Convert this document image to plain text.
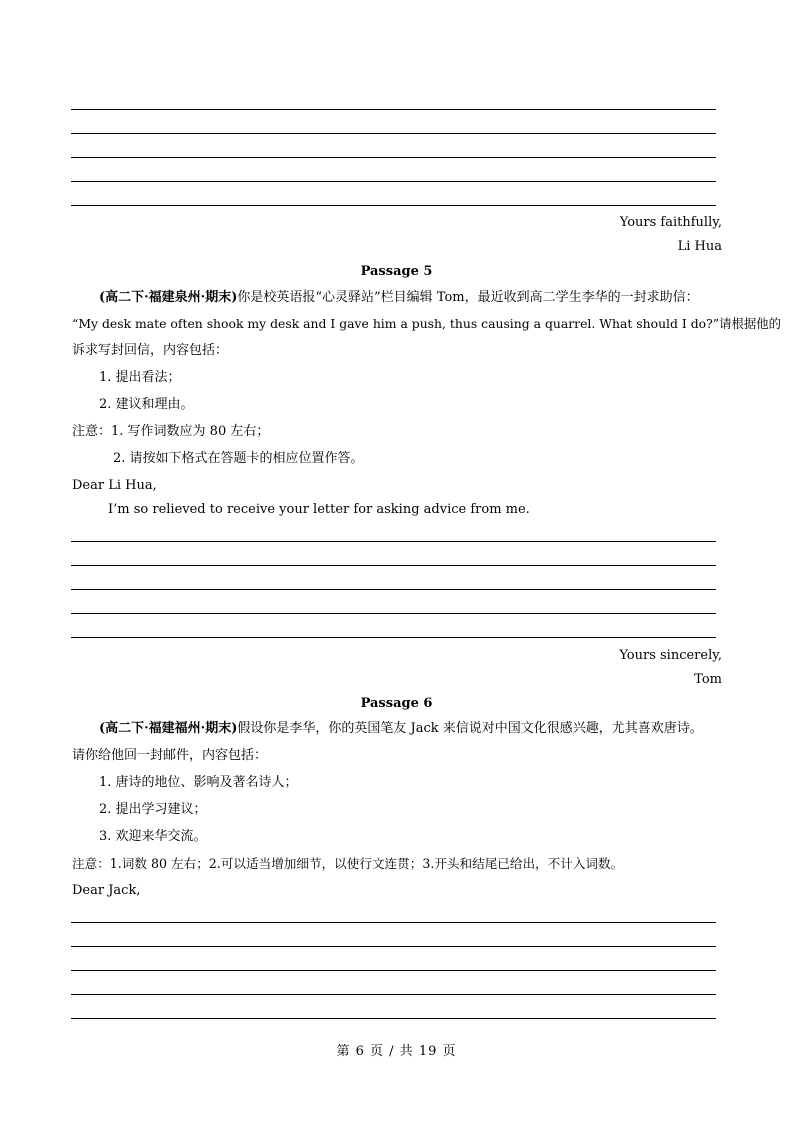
Yours faithfully,
Li Hua
Passage 5
(高二下·福建泉州·期末)你是校英语报“心灵驿站”栏目编辑 Tom，最近收到高二学生李华的一封求助信：
“My desk mate often shook my desk and I gave him a push, thus causing a quarrel. What should I do?”请根据他的
诉求写封回信，内容包括：
1. 提出看法；
2. 建议和理由。
注意：1. 写作词数应为 80 左右；
2. 请按如下格式在答题卡的相应位置作答。
Dear Li Hua,
I’m so relieved to receive your letter for asking advice from me.
Yours sincerely,
Tom
Passage 6
(高二下·福建福州·期末)假设你是李华，你的英国笔友 Jack 来信说对中国文化很感兴趣，尤其喜欢唐诗。
请你给他回一封邮件，内容包括：
1. 唐诗的地位、影响及著名诗人；
2. 提出学习建议；
3. 欢迎来华交流。
注意：1.词数 80 左右；2.可以适当增加细节，以使行文连贯；3.开头和结尾已给出，不计入词数。
Dear Jack,
第 6 页 / 共 19 页
